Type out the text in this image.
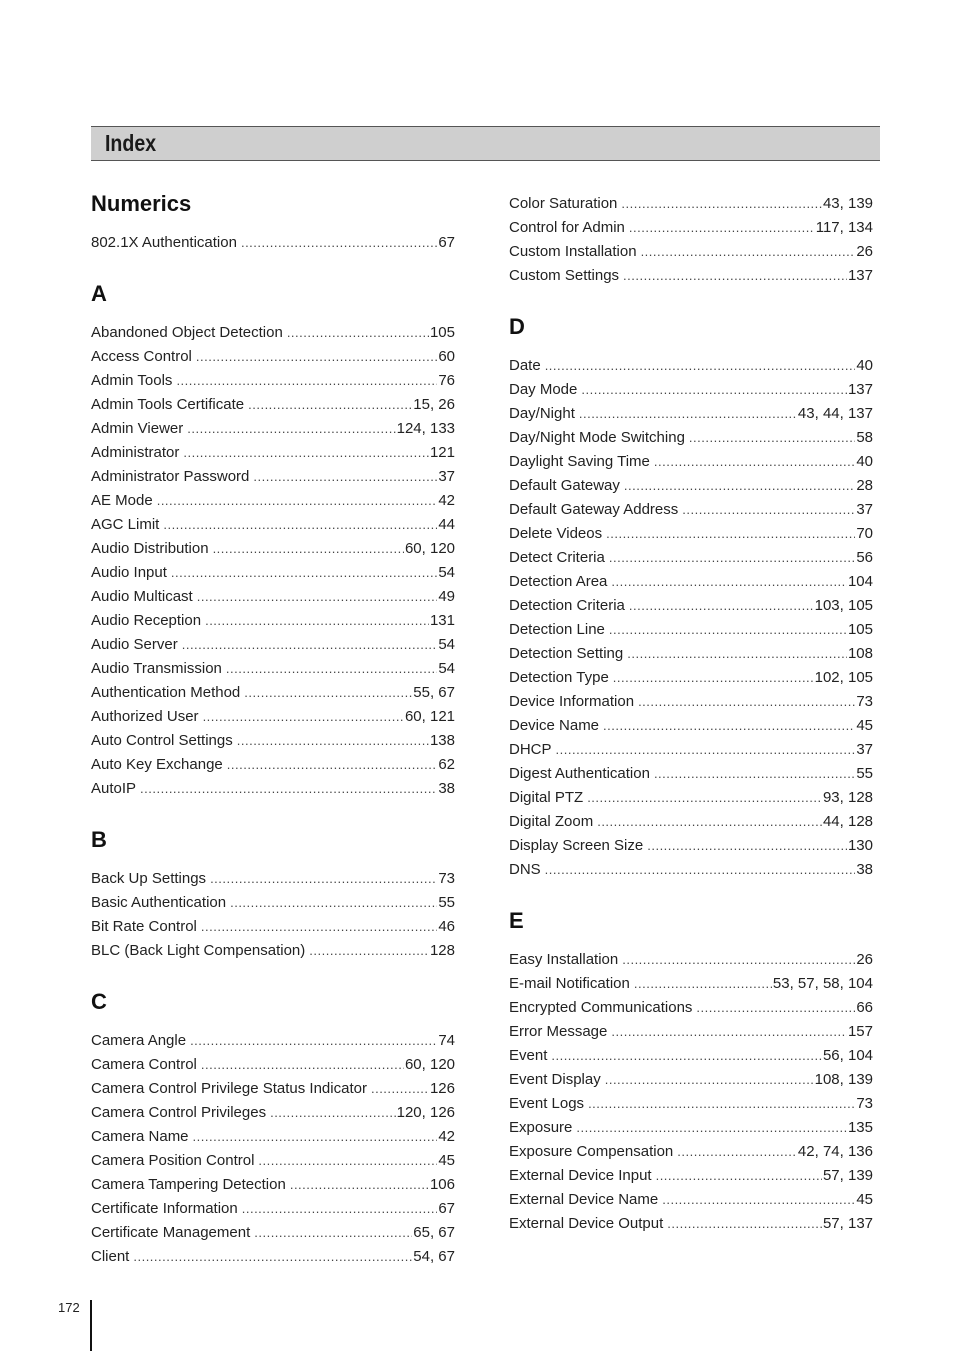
Index
Numerics
802.1X Authentication .....	67
A
Abandoned Object Detection .....	105
Access Control .....	60
Admin Tools .....	76
Admin Tools Certificate .....	15, 26
Admin Viewer .....	124, 133
Administrator .....	121
Administrator Password .....	37
AE Mode .....	42
AGC Limit .....	44
Audio Distribution .....	60, 120
Audio Input .....	54
Audio Multicast .....	49
Audio Reception .....	131
Audio Server .....	54
Audio Transmission .....	54
Authentication Method .....	55, 67
Authorized User .....	60, 121
Auto Control Settings .....	138
Auto Key Exchange .....	62
AutoIP .....	38
B
Back Up Settings .....	73
Basic Authentication .....	55
Bit Rate Control .....	46
BLC (Back Light Compensation) .....	128
C
Camera Angle .....	74
Camera Control .....	60, 120
Camera Control Privilege Status Indicator .....	126
Camera Control Privileges .....	120, 126
Camera Name .....	42
Camera Position Control .....	45
Camera Tampering Detection .....	106
Certificate Information .....	67
Certificate Management .....	65, 67
Client .....	54, 67
Color Saturation .....	43, 139
Control for Admin .....	117, 134
Custom Installation .....	26
Custom Settings .....	137
D
Date .....	40
Day Mode .....	137
Day/Night .....	43, 44, 137
Day/Night Mode Switching .....	58
Daylight Saving Time .....	40
Default Gateway .....	28
Default Gateway Address .....	37
Delete Videos .....	70
Detect Criteria .....	56
Detection Area .....	104
Detection Criteria .....	103, 105
Detection Line .....	105
Detection Setting .....	108
Detection Type .....	102, 105
Device Information .....	73
Device Name .....	45
DHCP .....	37
Digest Authentication .....	55
Digital PTZ .....	93, 128
Digital Zoom .....	44, 128
Display Screen Size .....	130
DNS .....	38
E
Easy Installation .....	26
E-mail Notification .....	53, 57, 58, 104
Encrypted Communications .....	66
Error Message .....	157
Event .....	56, 104
Event Display .....	108, 139
Event Logs .....	73
Exposure .....	135
Exposure Compensation .....	42, 74, 136
External Device Input .....	57, 139
External Device Name .....	45
External Device Output .....	57, 137
172
